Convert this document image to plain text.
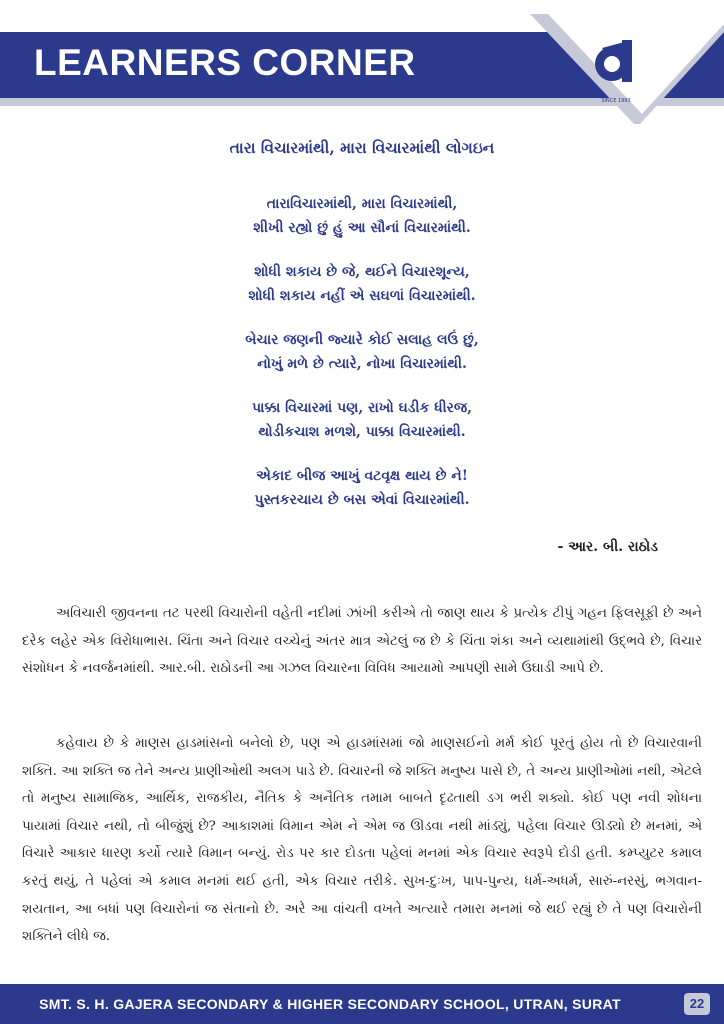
LEARNERS CORNER
SINCE 1993
તારા વિચારમાંથી, મારા વિચારમાંથી લોગઇન
તારાવિચારમાંથી, મારા વિચારમાંથી,
શીખી રહ્યો છું હું આ સૌનાં વિચારમાંથી.
શોધી શકાય છે જે, થઈને વિચારશૂન્ય,
શોધી શકાય નહીં એ સઘળાં વિચારમાંથી.
બેચાર જણની જ્યારે કોઈ સલાહ લઉં છું,
નોખું મળે છે ત્યારે, નોખા વિચારમાંથી.
પાક્કા વિચારમાં પણ, રાખો ઘડીક ધીરજ,
થોડીકચાશ મળશે, પાક્કા વિચારમાંથી.
એકાદ બીજ આખું વટવૃક્ષ થાય છે ને!
પુસ્તકરચાય છે બસ એવાં વિચારમાંથી.
- આર. બી. રાઠોડ

અવિચારી જીવનના તટ પરથી વિચારોની વહેતી નદીમાં ઝાંખી કરીએ તો જાણ થાય કે પ્રત્યેક ટીપું ગહન ફિલસૂફી છે અને દરેક લહેર એક વિરોધાભાસ. ચિંતા અને વિચાર વચ્ચેનું અંતર માત્ર એટલું જ છે કે ચિંતા શંકા અને વ્યથામાંથી ઉદ્ભવે છે, વિચાર સંશોધન કે નવર્જનમાંથી. આર.બી. રાઠોડની આ ગઝલ વિચારના વિવિધ આયામો આપણી સામે ઉઘાડી આપે છે.

કહેવાય છે કે માણસ હાડમાંસનો બનેલો છે, પણ એ હાડમાંસમાં જો માણસઈનો મર્મ કોઈ પૂરતું હોય તો છે વિચારવાની શક્તિ. આ શક્તિ જ તેને અન્ય પ્રાણીઓથી અલગ પાડે છે. વિચારની જે શક્તિ મનુષ્ય પાસે છે, તે અન્ય પ્રાણીઓમાં નથી, એટલે તો મનુષ્ય સામાજિક, આર્થિક, રાજકીય, નૈતિક કે અનૈતિક તમામ બાબતે દૃઢતાથી ડગ ભરી શક્યો. કોઈ પણ નવી શોધના પાયામાં વિચાર નથી, તો બીજુંશું છે? આકાશમાં વિમાન એમ ને એમ જ ઊડવા નથી માંડ્યું, પહેલા વિચાર ઊડ્યો છે મનમાં, એ વિચારે આકાર ધારણ કર્યો ત્યારે વિમાન બન્યું. રોડ પર કાર દોડતા પહેલાં મનમાં એક વિચાર સ્વરૂપે દોડી હતી. કમ્પ્યુટર કમાલ કરતું થયું, તે પહેલાં એ કમાલ મનમાં થઈ હતી, એક વિચાર તરીકે. સુખ-દુઃખ, પાપ-પુન્ય, ધર્મ-અધર્મ, સારું-નરસું, ભગવાન-શયતાન, આ બધાં પણ વિચારોનાં જ સંતાનો છે. અરે આ વાંચતી વખતે અત્યારે તમારા મનમાં જે થઈ રહ્યું છે તે પણ વિચારોની શક્તિને લીધે જ.

SMT. S. H. GAJERA SECONDARY & HIGHER SECONDARY SCHOOL, UTRAN, SURAT	22
